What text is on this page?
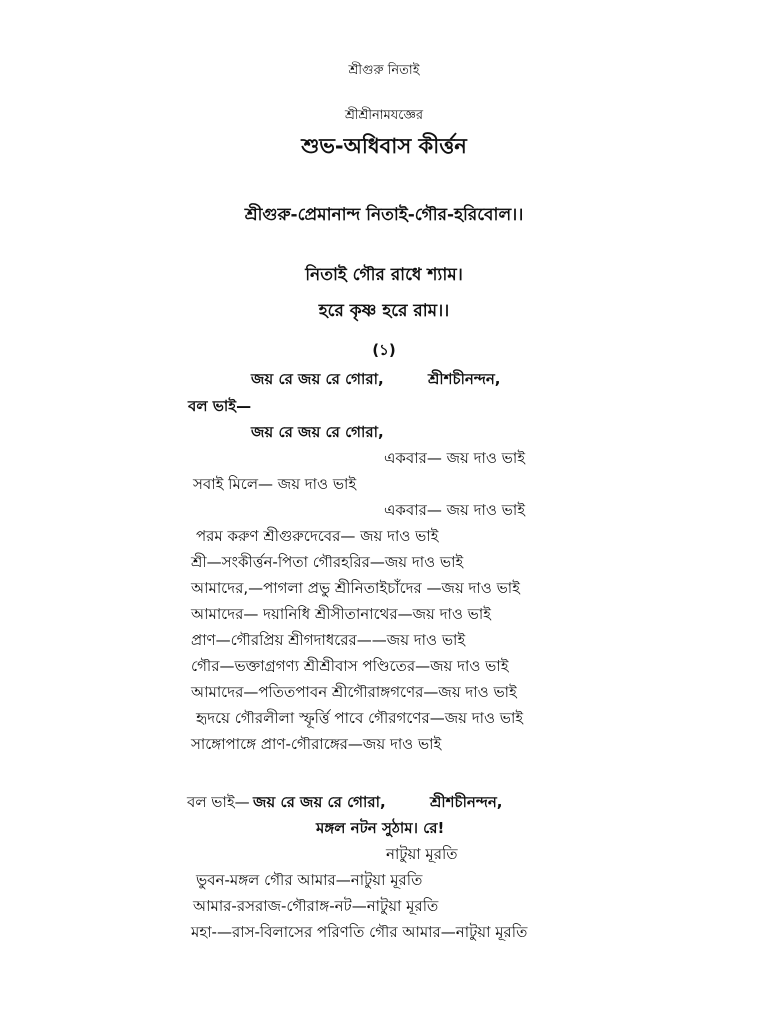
শ্রীগুরু নিতাই
শ্রীশ্রীনামযজ্ঞের
শুভ-অধিবাস কীর্ত্তন
শ্রীগুরু-প্রেমানান্দ নিতাই-গৌর-হরিবোল।।
নিতাই গৌর রাধে শ্যাম।
হরে কৃষ্ণ হরে রাম।।
(১)
জয় রে জয় রে গোরা,	শ্রীশচীনন্দন,
বল ভাই—
জয় রে জয় রে গোরা,
একবার— জয় দাও ভাই
সবাই মিলে— জয় দাও ভাই
একবার— জয় দাও ভাই
পরম করুণ শ্রীগুরুদেবের— জয় দাও ভাই
শ্রী—সংকীর্ত্তন-পিতা গৌরহরির—জয় দাও ভাই
আমাদের,—পাগলা প্রভু শ্রীনিতাইচাঁদের —জয় দাও ভাই
আমাদের— দয়ানিধি শ্রীসীতানাথের—জয় দাও ভাই
প্রাণ—গৌরপ্রিয় শ্রীগদাধরের——জয় দাও ভাই
গৌর—ভক্তাগ্রগণ্য শ্রীশ্রীবাস পণ্ডিতের—জয় দাও ভাই
আমাদের—পতিতপাবন শ্রীগৌরাঙ্গগণের—জয় দাও ভাই
হৃদয়ে গৌরলীলা স্ফূর্ত্তি পাবে গৌরগণের—জয় দাও ভাই
সাঙ্গোপাঙ্গে প্রাণ-গৌরাঙ্গের—জয় দাও ভাই
বল ভাই— জয় রে জয় রে গোরা,	শ্রীশচীনন্দন,
মঙ্গল নটন সুঠাম। রে!
নাটুয়া মূরতি
ভুবন-মঙ্গল গৌর আমার—নাটুয়া মূরতি
আমার-রসরাজ-গৌরাঙ্গ-নট—নাটুয়া মূরতি
মহা-—রাস-বিলাসের পরিণতি গৌর আমার—নাটুয়া মূরতি
